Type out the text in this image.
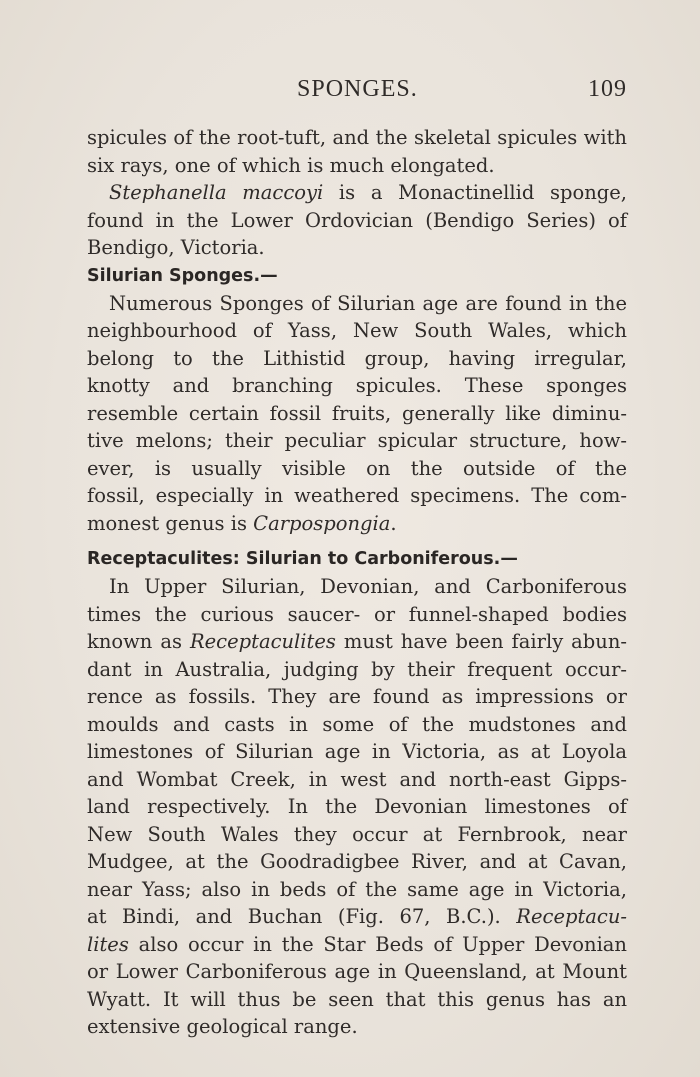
SPONGES.	109
spicules of the root-tuft, and the skeletal spicules with
six rays, one of which is much elongated.
Stephanella maccoyi is a Monactinellid sponge,
found in the Lower Ordovician (Bendigo Series) of
Bendigo, Victoria.
Silurian Sponges.—
Numerous Sponges of Silurian age are found in the
neighbourhood of Yass, New South Wales, which
belong to the Lithistid group, having irregular,
knotty and branching spicules. These sponges
resemble certain fossil fruits, generally like diminu-
tive melons; their peculiar spicular structure, how-
ever, is usually visible on the outside of the
fossil, especially in weathered specimens. The com-
monest genus is Carpospongia.
Receptaculites: Silurian to Carboniferous.—
In Upper Silurian, Devonian, and Carboniferous
times the curious saucer- or funnel-shaped bodies
known as Receptaculites must have been fairly abun-
dant in Australia, judging by their frequent occur-
rence as fossils. They are found as impressions or
moulds and casts in some of the mudstones and
limestones of Silurian age in Victoria, as at Loyola
and Wombat Creek, in west and north-east Gipps-
land respectively. In the Devonian limestones of
New South Wales they occur at Fernbrook, near
Mudgee, at the Goodradigbee River, and at Cavan,
near Yass; also in beds of the same age in Victoria,
at Bindi, and Buchan (Fig. 67, B.C.). Receptacu-
lites also occur in the Star Beds of Upper Devonian
or Lower Carboniferous age in Queensland, at Mount
Wyatt. It will thus be seen that this genus has an
extensive geological range.
